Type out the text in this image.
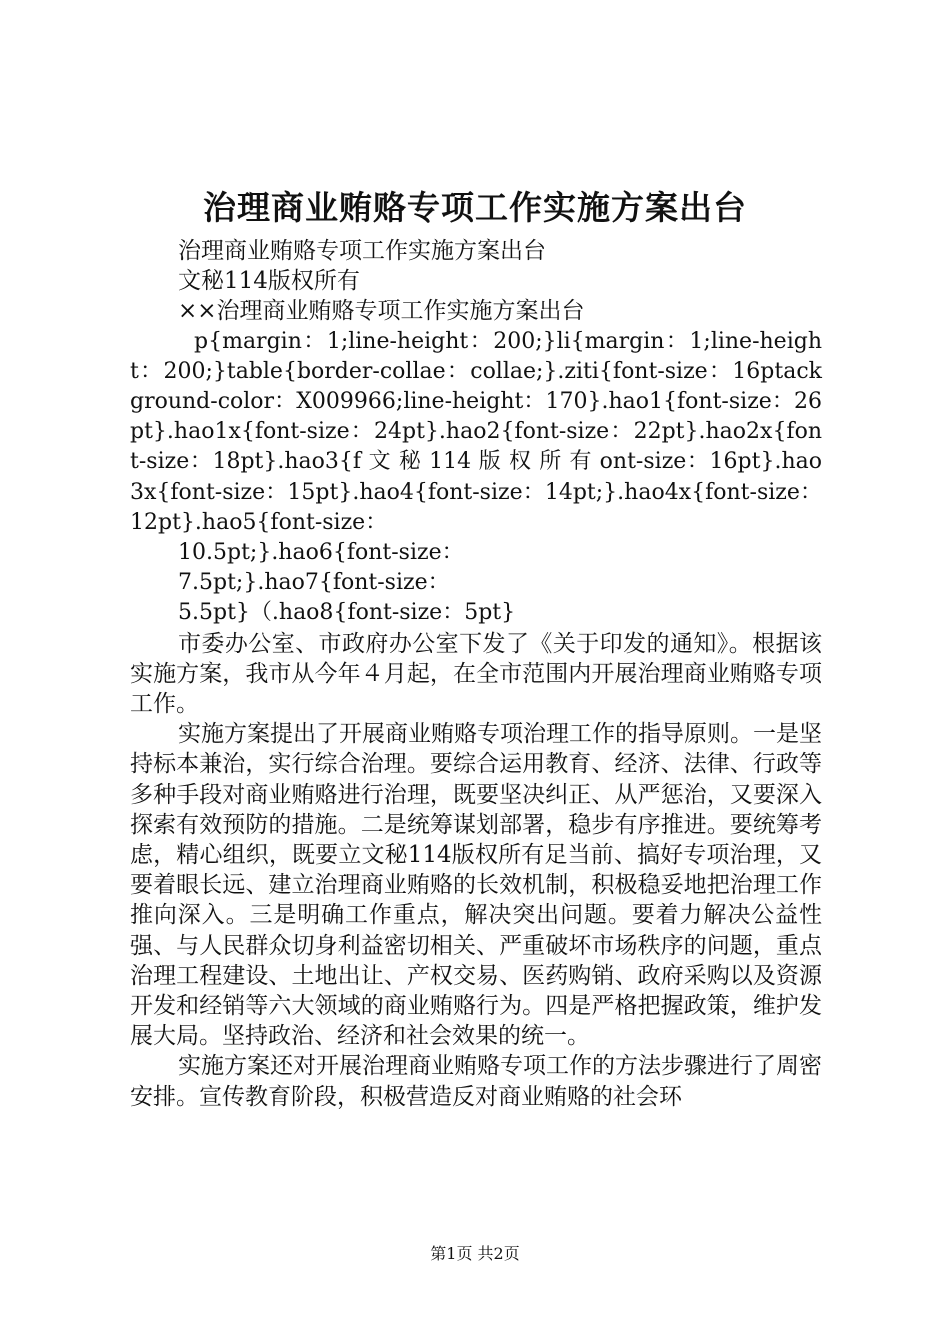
治理商业贿赂专项工作实施方案出台

治理商业贿赂专项工作实施方案出台

文秘114版权所有

××治理商业贿赂专项工作实施方案出台

p{margin：1;line-height：200;}li{margin：1;line-height：200;}table{border-collae：collae;}.ziti{font-size：16ptackground-color：X009966;line-height：170}.hao1{font-size：26pt}.hao1x{font-size：24pt}.hao2{font-size：22pt}.hao2x{font-size：18pt}.hao3{f 文 秘 114 版 权 所 有 ont-size：16pt}.hao3x{font-size：15pt}.hao4{font-size：14pt;}.hao4x{font-size：12pt}.hao5{font-size：

10.5pt;}.hao6{font-size：

7.5pt;}.hao7{font-size：

5.5pt}（.hao8{font-size：5pt}

市委办公室、市政府办公室下发了《关于印发的通知》。根据该实施方案，我市从今年４月起，在全市范围内开展治理商业贿赂专项工作。

实施方案提出了开展商业贿赂专项治理工作的指导原则。一是坚持标本兼治，实行综合治理。要综合运用教育、经济、法律、行政等多种手段对商业贿赂进行治理，既要坚决纠正、从严惩治，又要深入探索有效预防的措施。二是统筹谋划部署，稳步有序推进。要统筹考虑，精心组织，既要立文秘114版权所有足当前、搞好专项治理，又要着眼长远、建立治理商业贿赂的长效机制，积极稳妥地把治理工作推向深入。三是明确工作重点，解决突出问题。要着力解决公益性强、与人民群众切身利益密切相关、严重破坏市场秩序的问题，重点治理工程建设、土地出让、产权交易、医药购销、政府采购以及资源开发和经销等六大领域的商业贿赂行为。四是严格把握政策，维护发展大局。坚持政治、经济和社会效果的统一。

实施方案还对开展治理商业贿赂专项工作的方法步骤进行了周密安排。宣传教育阶段，积极营造反对商业贿赂的社会环

第1页 共2页
